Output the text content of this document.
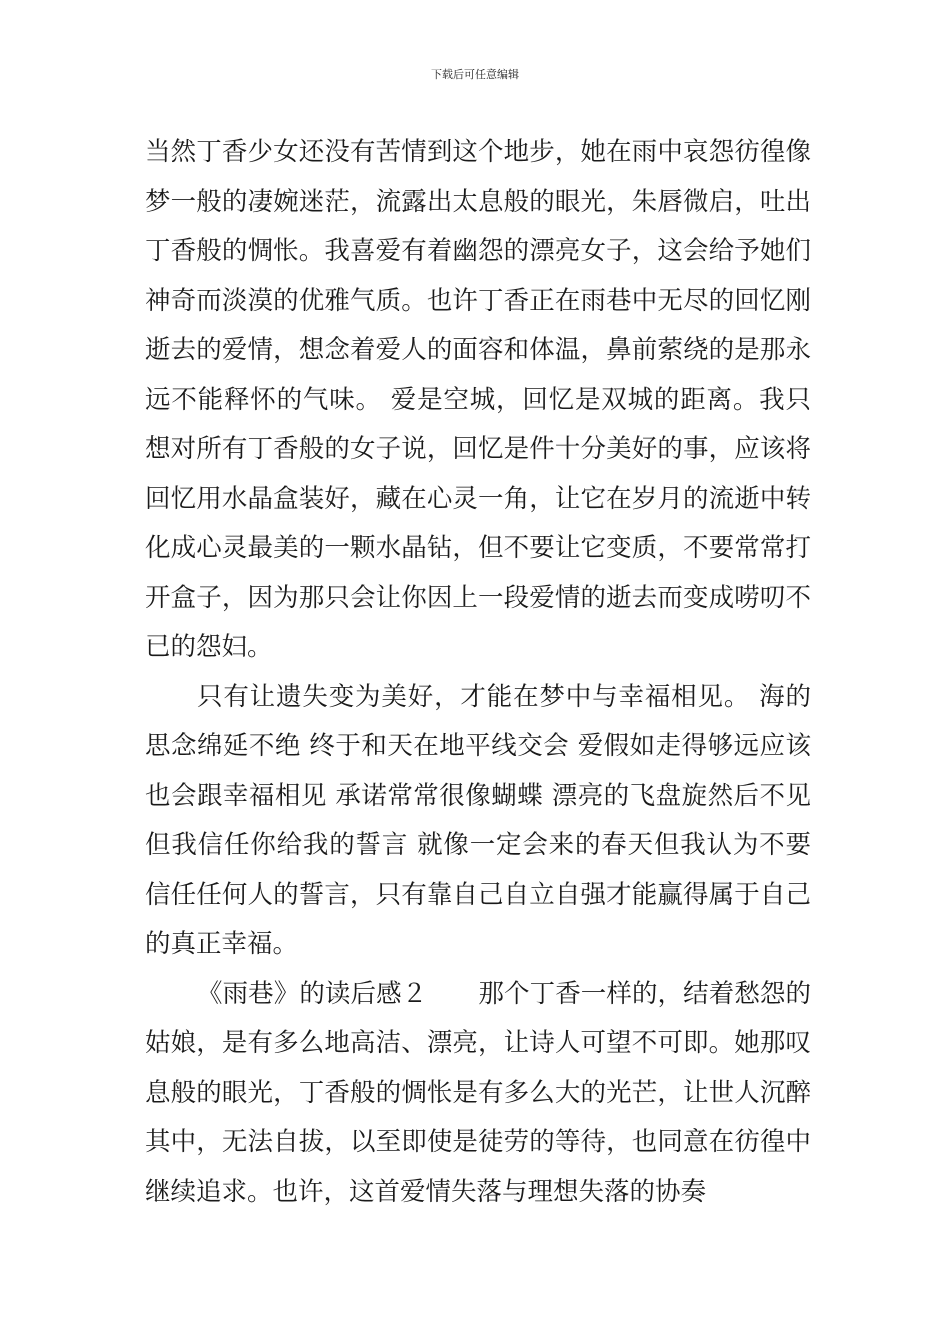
下载后可任意编辑

当然丁香少女还没有苦情到这个地步，她在雨中哀怨彷徨像梦一般的凄婉迷茫，流露出太息般的眼光，朱唇微启，吐出丁香般的惆怅。我喜爱有着幽怨的漂亮女子，这会给予她们神奇而淡漠的优雅气质。也许丁香正在雨巷中无尽的回忆刚逝去的爱情，想念着爱人的面容和体温，鼻前萦绕的是那永远不能释怀的气味。 爱是空城，回忆是双城的距离。我只想对所有丁香般的女子说，回忆是件十分美好的事，应该将回忆用水晶盒装好，藏在心灵一角，让它在岁月的流逝中转化成心灵最美的一颗水晶钻，但不要让它变质，不要常常打开盒子，因为那只会让你因上一段爱情的逝去而变成唠叨不已的怨妇。

只有让遗失变为美好，才能在梦中与幸福相见。 海的思念绵延不绝 终于和天在地平线交会 爱假如走得够远应该也会跟幸福相见 承诺常常很像蝴蝶 漂亮的飞盘旋然后不见 但我信任你给我的誓言 就像一定会来的春天但我认为不要信任任何人的誓言，只有靠自己自立自强才能赢得属于自己的真正幸福。

《雨巷》的读后感２　　那个丁香一样的，结着愁怨的姑娘，是有多么地高洁、漂亮，让诗人可望不可即。她那叹息般的眼光，丁香般的惆怅是有多么大的光芒，让世人沉醉其中，无法自拔，以至即使是徒劳的等待，也同意在彷徨中继续追求。也许，这首爱情失落与理想失落的协奏
